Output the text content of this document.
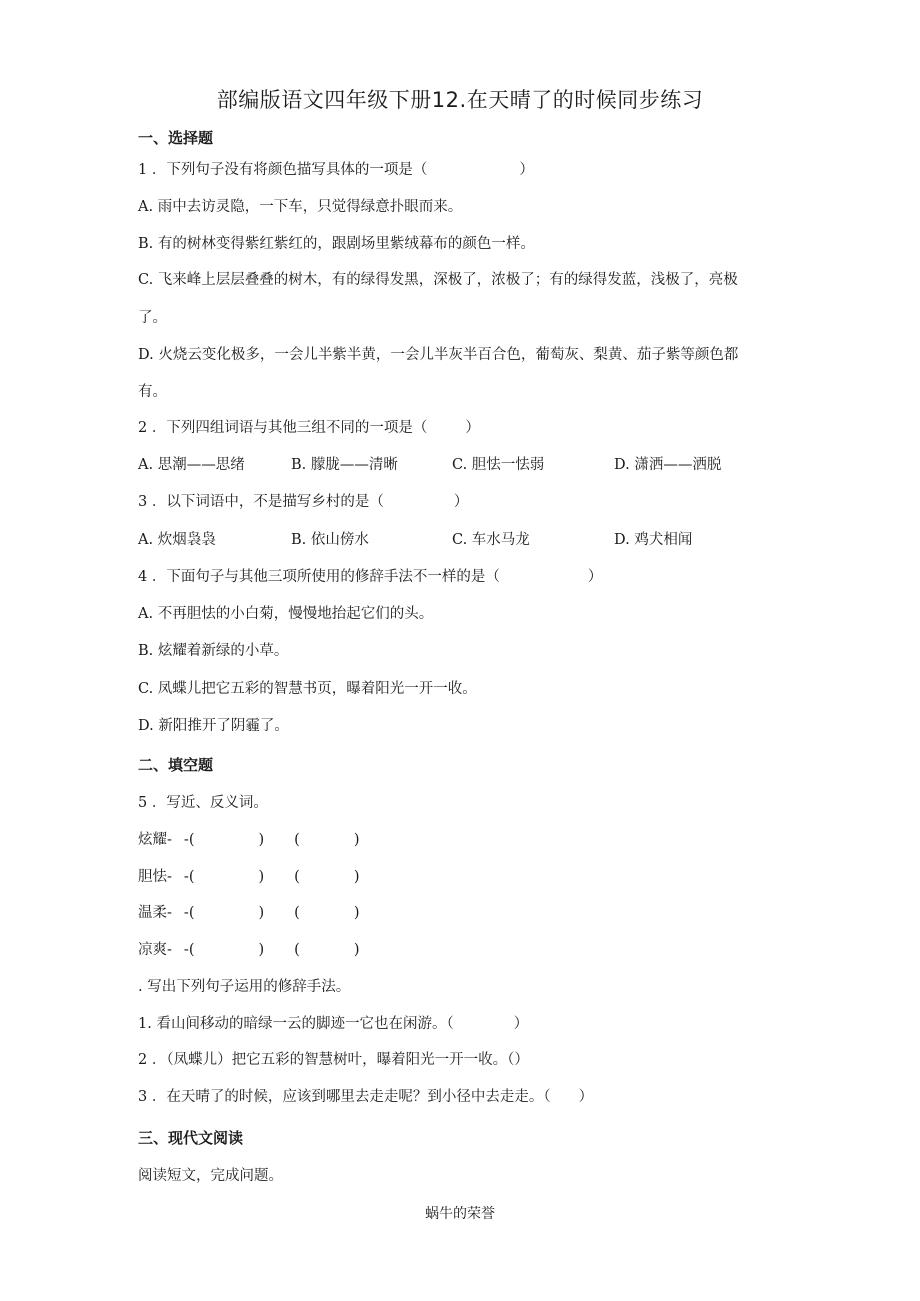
部编版语文四年级下册12.在天晴了的时候同步练习
一、选择题
1 ．下列句子没有将颜色描写具体的一项是（	）
A. 雨中去访灵隐，一下车，只觉得绿意扑眼而来。
B. 有的树林变得紫红紫红的，跟剧场里紫绒幕布的颜色一样。
C. 飞来峰上层层叠叠的树木，有的绿得发黑，深极了，浓极了；有的绿得发蓝，浅极了，亮极
了。
D. 火烧云变化极多，一会儿半紫半黄，一会儿半灰半百合色，葡萄灰、梨黄、茄子紫等颜色都
有。
2 ．下列四组词语与其他三组不同的一项是（	）
A. 思潮——思绪	B. 朦胧——清晰	C. 胆怯一怯弱	D. 潇洒——洒脱
3 ．以下词语中，不是描写乡村的是（	）
A. 炊烟袅袅	B. 依山傍水	C. 车水马龙	D. 鸡犬相闻
4 ．下面句子与其他三项所使用的修辞手法不一样的是（	）
A. 不再胆怯的小白菊，慢慢地抬起它们的头。
B. 炫耀着新绿的小草。
C. 凤蝶儿把它五彩的智慧书页，曝着阳光一开一收。
D. 新阳推开了阴霾了。
二、填空题
5 ．写近、反义词。
炫耀- -(	) (	)
胆怯- -(	) (	)
温柔- -(	) (	)
凉爽- -(	) (	)
. 写出下列句子运用的修辞手法。
1. 看山间移动的暗绿一云的脚迹一它也在闲游。（	）
2 ．（凤蝶儿）把它五彩的智慧树叶，曝着阳光一开一收。（）
3 ．在天晴了的时候，应该到哪里去走走呢？到小径中去走走。（ ）
三、现代文阅读
阅读短文，完成问题。
蜗牛的荣誉
